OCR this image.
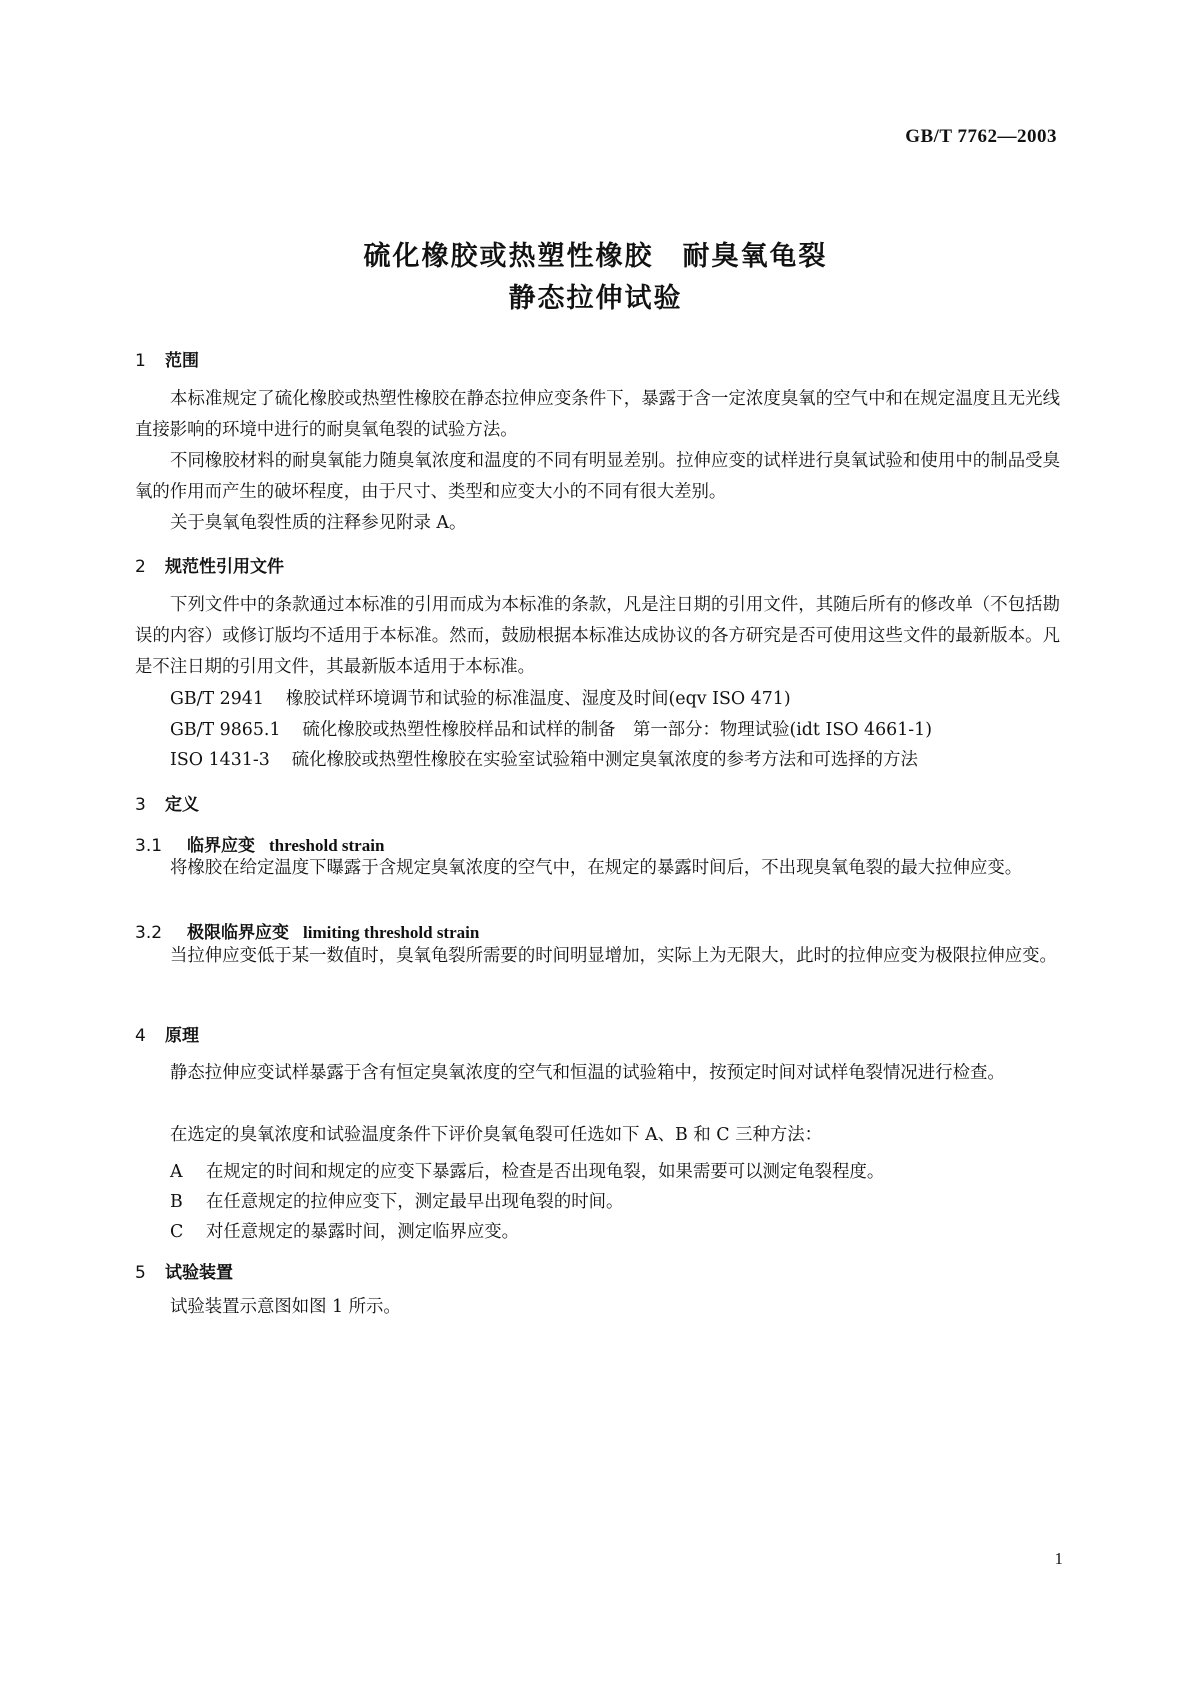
GB/T 7762—2003
硫化橡胶或热塑性橡胶　耐臭氧龟裂
静态拉伸试验
1 范围
本标准规定了硫化橡胶或热塑性橡胶在静态拉伸应变条件下，暴露于含一定浓度臭氧的空气中和在规定温度且无光线直接影响的环境中进行的耐臭氧龟裂的试验方法。
不同橡胶材料的耐臭氧能力随臭氧浓度和温度的不同有明显差别。拉伸应变的试样进行臭氧试验和使用中的制品受臭氧的作用而产生的破坏程度，由于尺寸、类型和应变大小的不同有很大差别。
关于臭氧龟裂性质的注释参见附录 A。
2 规范性引用文件
下列文件中的条款通过本标准的引用而成为本标准的条款，凡是注日期的引用文件，其随后所有的修改单（不包括勘误的内容）或修订版均不适用于本标准。然而，鼓励根据本标准达成协议的各方研究是否可使用这些文件的最新版本。凡是不注日期的引用文件，其最新版本适用于本标准。
GB/T 2941 橡胶试样环境调节和试验的标准温度、湿度及时间(eqv ISO 471)
GB/T 9865.1 硫化橡胶或热塑性橡胶样品和试样的制备　第一部分：物理试验(idt ISO 4661-1)
ISO 1431-3 硫化橡胶或热塑性橡胶在实验室试验箱中测定臭氧浓度的参考方法和可选择的方法
3 定义
3.1 临界应变 threshold strain
将橡胶在给定温度下曝露于含规定臭氧浓度的空气中，在规定的暴露时间后，不出现臭氧龟裂的最大拉伸应变。
3.2 极限临界应变 limiting threshold strain
当拉伸应变低于某一数值时，臭氧龟裂所需要的时间明显增加，实际上为无限大，此时的拉伸应变为极限拉伸应变。
4 原理
静态拉伸应变试样暴露于含有恒定臭氧浓度的空气和恒温的试验箱中，按预定时间对试样龟裂情况进行检查。
在选定的臭氧浓度和试验温度条件下评价臭氧龟裂可任选如下 A、B 和 C 三种方法：
A 在规定的时间和规定的应变下暴露后，检查是否出现龟裂，如果需要可以测定龟裂程度。
B 在任意规定的拉伸应变下，测定最早出现龟裂的时间。
C 对任意规定的暴露时间，测定临界应变。
5 试验装置
试验装置示意图如图 1 所示。
1
